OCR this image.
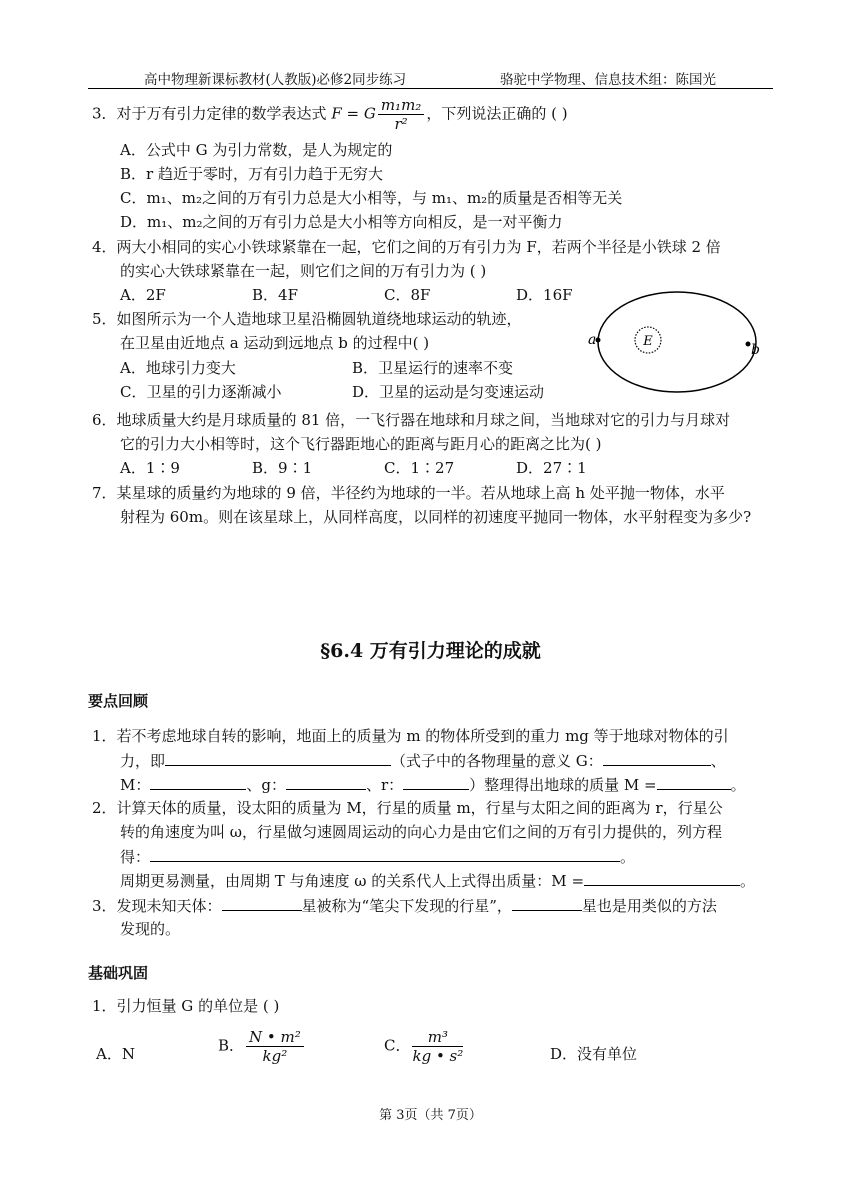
高中物理新课标教材(人教版)必修2同步练习	骆驼中学物理、信息技术组：陈国光
3．对于万有引力定律的数学表达式 F = G $\frac{\text{m₁m₂}}{\text{r²}}$ ，下列说法正确的 ( )
A．公式中 G 为引力常数，是人为规定的
B．r 趋近于零时，万有引力趋于无穷大
C．m₁、m₂之间的万有引力总是大小相等，与 m₁、m₂的质量是否相等无关
D．m₁、m₂之间的万有引力总是大小相等方向相反，是一对平衡力
4．两大小相同的实心小铁球紧靠在一起，它们之间的万有引力为 F，若两个半径是小铁球 2 倍
的实心大铁球紧靠在一起，则它们之间的万有引力为 ( )
A．2F	B．4F	C．8F	D．16F
5．如图所示为一个人造地球卫星沿椭圆轨道绕地球运动的轨迹，
在卫星由近地点 a 运动到远地点 b 的过程中( )
A．地球引力变大	B．卫星运行的速率不变
C．卫星的引力逐渐减小	D．卫星的运动是匀变速运动
E
a
b
6．地球质量大约是月球质量的 81 倍，一飞行器在地球和月球之间，当地球对它的引力与月球对
它的引力大小相等时，这个飞行器距地心的距离与距月心的距离之比为( )
A．1∶9	B．9∶1	C．1∶27	D．27∶1
7．某星球的质量约为地球的 9 倍，半径约为地球的一半。若从地球上高 h 处平抛一物体，水平
射程为 60m。则在该星球上，从同样高度，以同样的初速度平抛同一物体，水平射程变为多少?
§6.4 万有引力理论的成就
要点回顾
1．若不考虑地球自转的影响，地面上的质量为 m 的物体所受到的重力 mg 等于地球对物体的引
力，即	（式子中的各物理量的意义 G：	、
M：	、g：	、r：	）整理得出地球的质量 M =	。
2．计算天体的质量，设太阳的质量为 M，行星的质量 m，行星与太阳之间的距离为 r，行星公
转的角速度为叫 ω，行星做匀速圆周运动的向心力是由它们之间的万有引力提供的，列方程
得：	。
周期更易测量，由周期 T 与角速度 ω 的关系代人上式得出质量：M =	。
3．发现未知天体：	星被称为“笔尖下发现的行星”，	星也是用类似的方法
发现的。
基础巩固
1．引力恒量 G 的单位是 ( )
A．N	B． $\frac{\text{N • m²}}{\text{kg²}}$	C． $\frac{\text{m³}}{\text{kg • s²}}$	D．没有单位
第 3页（共 7页）
